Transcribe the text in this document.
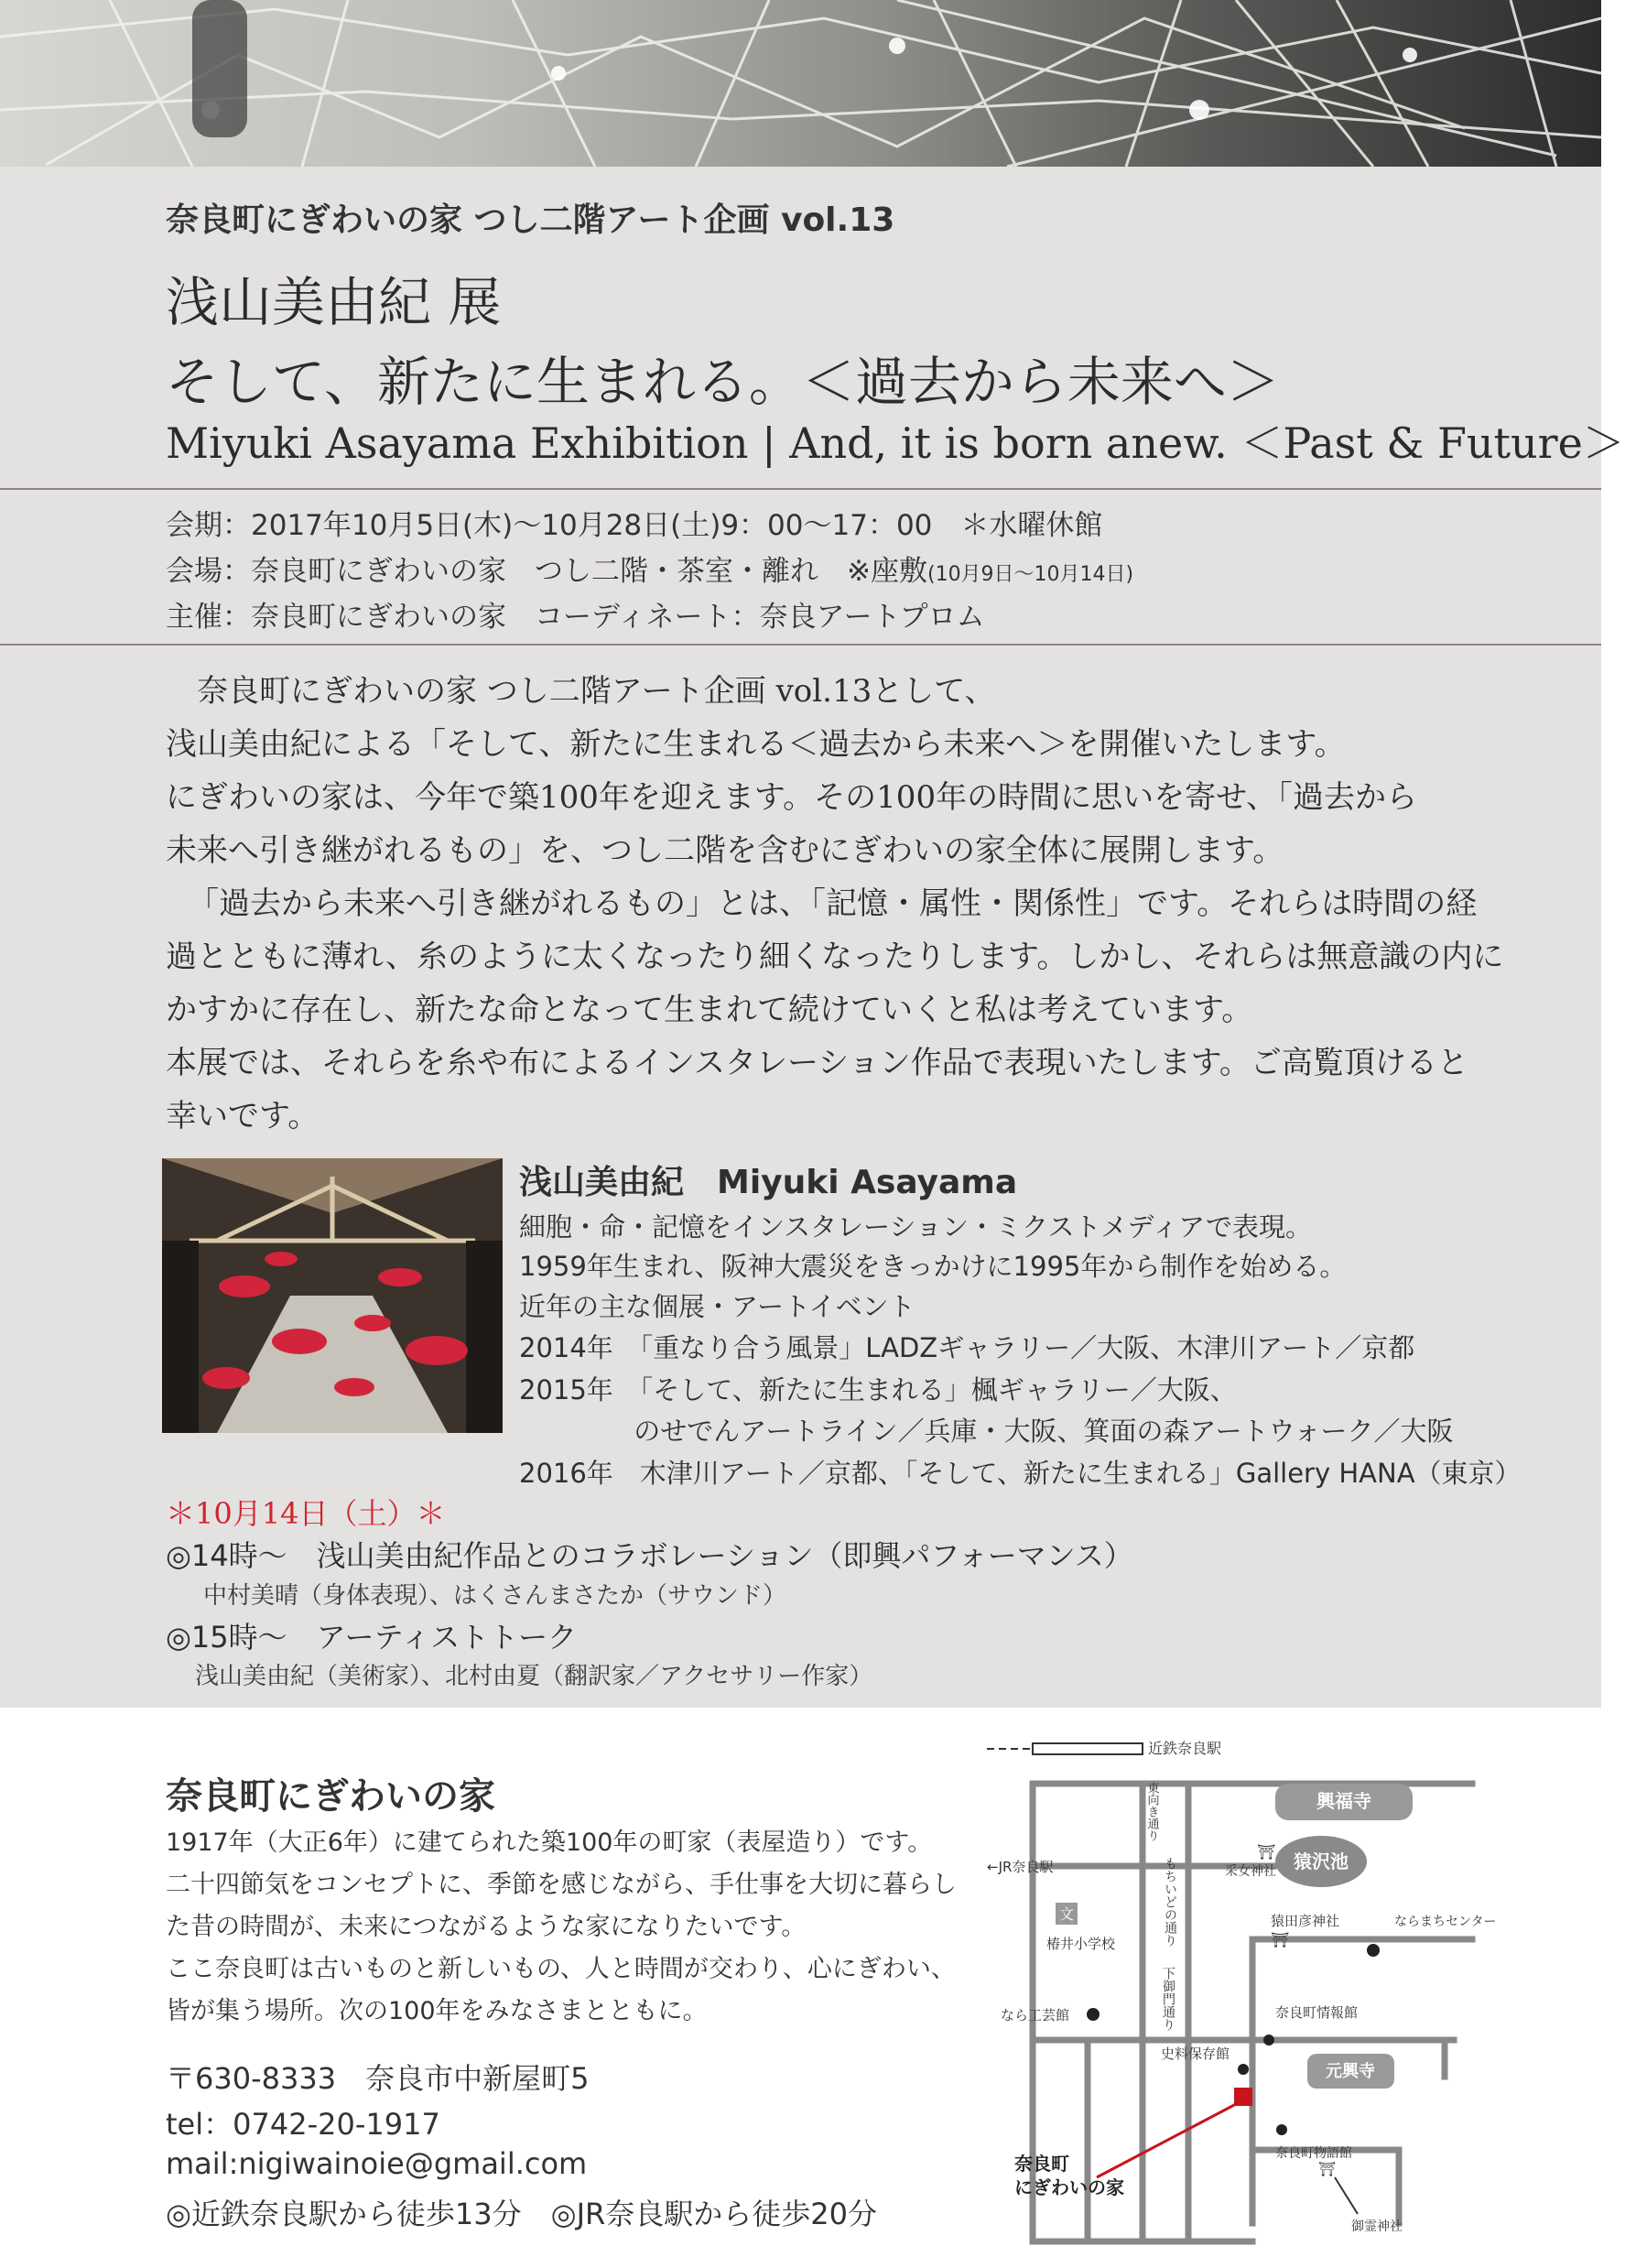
奈良町にぎわいの家 つし二階アート企画 vol.13
浅山美由紀 展
そして、新たに生まれる。＜過去から未来へ＞
Miyuki Asayama Exhibition | And, it is born anew. ＜Past & Future＞
会期：2017年10月5日(木)～10月28日(土)9：00～17：00　＊水曜休館
会場：奈良町にぎわいの家　つし二階・茶室・離れ　※座敷(10月9日～10月14日)
主催：奈良町にぎわいの家　コーディネート：奈良アートプロム
　奈良町にぎわいの家 つし二階アート企画 vol.13として、
浅山美由紀による「そして、新たに生まれる＜過去から未来へ＞を開催いたします。
にぎわいの家は、今年で築100年を迎えます。その100年の時間に思いを寄せ、「過去から
未来へ引き継がれるもの」を、つし二階を含むにぎわいの家全体に展開します。
「過去から未来へ引き継がれるもの」とは、「記憶・属性・関係性」です。それらは時間の経
過とともに薄れ、糸のように太くなったり細くなったりします。しかし、それらは無意識の内に
かすかに存在し、新たな命となって生まれて続けていくと私は考えています。
本展では、それらを糸や布によるインスタレーション作品で表現いたします。ご高覧頂けると
幸いです。
浅山美由紀　Miyuki Asayama
細胞・命・記憶をインスタレーション・ミクストメディアで表現。
1959年生まれ、阪神大震災をきっかけに1995年から制作を始める。
近年の主な個展・アートイベント
2014年　「重なり合う風景」LADZギャラリー／大阪、木津川アート／京都
2015年　「そして、新たに生まれる」楓ギャラリー／大阪、
　　　　 のせでんアートライン／兵庫・大阪、箕面の森アートウォーク／大阪
2016年　木津川アート／京都、「そして、新たに生まれる」Gallery HANA（東京）
＊10月14日（土）＊
◎14時～　浅山美由紀作品とのコラボレーション（即興パフォーマンス）
中村美晴（身体表現）、はくさんまさたか（サウンド）
◎15時～　アーティストトーク
浅山美由紀（美術家）、北村由夏（翻訳家／アクセサリー作家）
奈良町にぎわいの家
1917年（大正6年）に建てられた築100年の町家（表屋造り）です。
二十四節気をコンセプトに、季節を感じながら、手仕事を大切に暮らし
た昔の時間が、未来につながるような家になりたいです。
ここ奈良町は古いものと新しいもの、人と時間が交わり、心にぎわい、
皆が集う場所。次の100年をみなさまとともに。
〒630-8333　奈良市中新屋町5
tel：0742-20-1917
mail:nigiwainoie@gmail.com
◎近鉄奈良駅から徒歩13分　◎JR奈良駅から徒歩20分
近鉄奈良駅
興福寺
東向き通り
←JR奈良駅	もちいどの通り
⛩
采女神社 猿沢池
文
椿井小学校
猿田彦神社
⛩
ならまちセンター
下御門通り
なら工芸館	奈良町情報館
史料保存館
元興寺
奈良町物語館
⛩
御霊神社
奈良町
にぎわいの家
